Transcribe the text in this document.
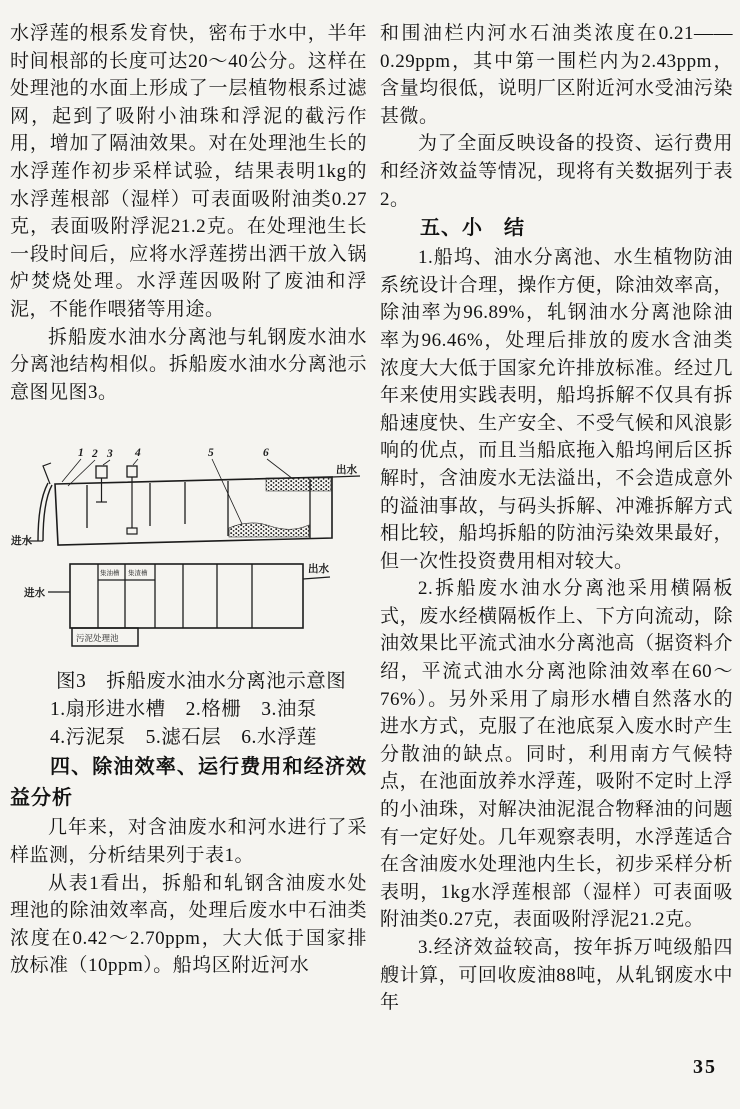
水浮莲的根系发育快，密布于水中，半年时间根部的长度可达20～40公分。这样在处理池的水面上形成了一层植物根系过滤网，起到了吸附小油珠和浮泥的截污作用，增加了隔油效果。对在处理池生长的水浮莲作初步采样试验，结果表明1kg的水浮莲根部（湿样）可表面吸附油类0.27克，表面吸附浮泥21.2克。在处理池生长一段时间后，应将水浮莲捞出洒干放入锅炉焚烧处理。水浮莲因吸附了废油和浮泥，不能作喂猪等用途。

拆船废水油水分离池与轧钢废水油水分离池结构相似。拆船废水油水分离池示意图见图3。

1 2 3 4	5	6
进水
出水
集油槽 集渣槽
污泥处理池
进水
出水

图3　拆船废水油水分离池示意图

1.扇形进水槽　2.格栅　3.油泵

4.污泥泵　5.滤石层　6.水浮莲

四、除油效率、运行费用和经济效益分析

几年来，对含油废水和河水进行了采样监测，分析结果列于表1。

从表1看出，拆船和轧钢含油废水处理池的除油效率高，处理后废水中石油类浓度在0.42～2.70ppm，大大低于国家排放标准（10ppm）。船坞区附近河水

和围油栏内河水石油类浓度在0.21——0.29ppm，其中第一围栏内为2.43ppm，含量均很低，说明厂区附近河水受油污染甚微。

为了全面反映设备的投资、运行费用和经济效益等情况，现将有关数据列于表2。

五、小　结

1.船坞、油水分离池、水生植物防油系统设计合理，操作方便，除油效率高，除油率为96.89%，轧钢油水分离池除油率为96.46%，处理后排放的废水含油类浓度大大低于国家允许排放标准。经过几年来使用实践表明，船坞拆解不仅具有拆船速度快、生产安全、不受气候和风浪影响的优点，而且当船底拖入船坞闸后区拆解时，含油废水无法溢出，不会造成意外的溢油事故，与码头拆解、冲滩拆解方式相比较，船坞拆船的防油污染效果最好，但一次性投资费用相对较大。

2.拆船废水油水分离池采用横隔板式，废水经横隔板作上、下方向流动，除油效果比平流式油水分离池高（据资料介绍，平流式油水分离池除油效率在60～76%）。另外采用了扇形水槽自然落水的进水方式，克服了在池底泵入废水时产生分散油的缺点。同时，利用南方气候特点，在池面放养水浮莲，吸附不定时上浮的小油珠，对解决油泥混合物释油的问题有一定好处。几年观察表明，水浮莲适合在含油废水处理池内生长，初步采样分析表明，1kg水浮莲根部（湿样）可表面吸附油类0.27克，表面吸附浮泥21.2克。

3.经济效益较高，按年拆万吨级船四艘计算，可回收废油88吨，从轧钢废水中年

35
